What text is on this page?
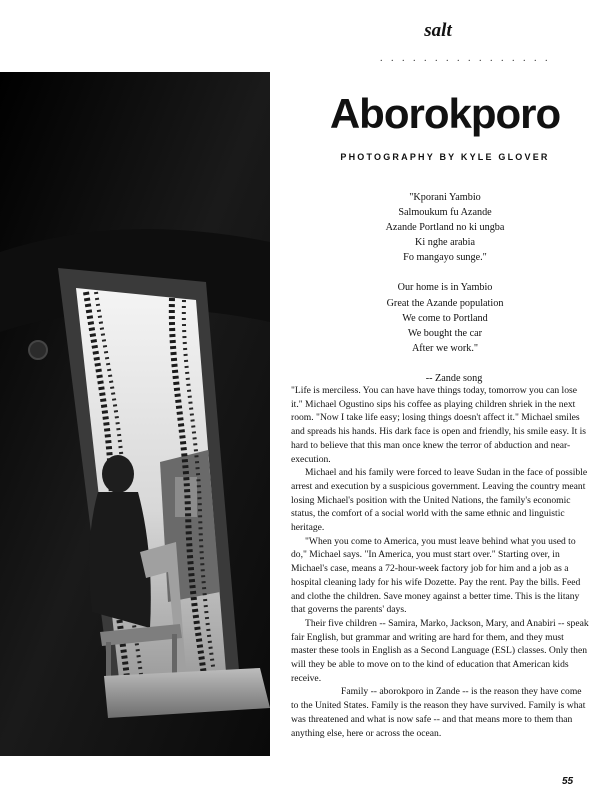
salt
. . . . . . . . . . . . . . . .
Aborokporo
PHOTOGRAPHY BY KYLE GLOVER
"Kporani Yambio
Salmoukum fu Azande
Azande Portland no ki ungba
Ki nghe arabia
Fo mangayo sunge."
Our home is in Yambio
Great the Azande population
We come to Portland
We bought the car
After we work."
-- Zande song

"Life is merciless. You can have have things today, tomorrow you can lose it." Michael Ogustino sips his coffee as playing children shriek in the next room. "Now I take life easy; losing things doesn't affect it." Michael smiles and spreads his hands. His dark face is open and friendly, his smile easy. It is hard to believe that this man once knew the terror of abduction and near-execution.

Michael and his family were forced to leave Sudan in the face of possible arrest and execution by a suspicious government. Leaving the country meant losing Michael's position with the United Nations, the family's economic status, the comfort of a social world with the same ethnic and linguistic heritage.

"When you come to America, you must leave behind what you used to do," Michael says. "In America, you must start over." Starting over, in Michael's case, means a 72-hour-week factory job for him and a job as a hospital cleaning lady for his wife Dozette. Pay the rent. Pay the bills. Feed and clothe the children. Save money against a better time. This is the litany that governs the parents' days.

Their five children -- Samira, Marko, Jackson, Mary, and Anabiri -- speak fair English, but grammar and writing are hard for them, and they must master these tools in English as a Second Language (ESL) classes. Only then will they be able to move on to the kind of education that American kids receive.

Family -- aborokporo in Zande -- is the reason they have come to the United States. Family is the reason they have survived. Family is what was threatened and what is now safe -- and that means more to them than anything else, here or across the ocean.

55
